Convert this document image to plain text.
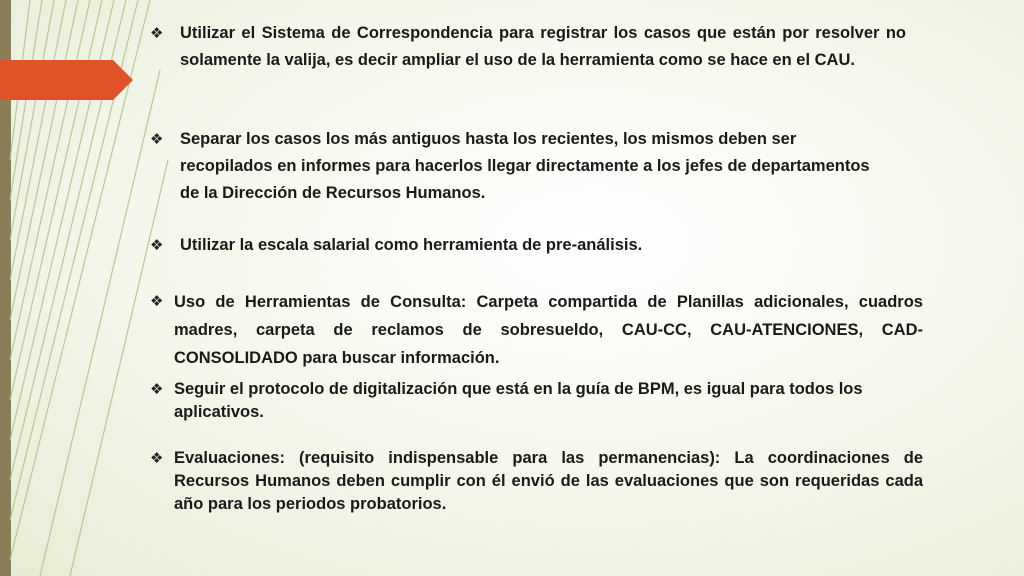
❖ Utilizar el Sistema de Correspondencia para registrar los casos que están por resolver no solamente la valija, es decir ampliar el uso de la herramienta como se hace en el CAU.
❖ Separar los casos los más antiguos hasta los recientes, los mismos deben ser recopilados en informes para hacerlos llegar directamente a los jefes de departamentos de la Dirección de Recursos Humanos.
❖ Utilizar la escala salarial como herramienta de pre-análisis.
❖ Uso de Herramientas de Consulta: Carpeta compartida de Planillas adicionales, cuadros madres, carpeta de reclamos de sobresueldo, CAU-CC, CAU-ATENCIONES, CAD-CONSOLIDADO para buscar información.
❖ Seguir el protocolo de digitalización que está en la guía de BPM, es igual para todos los aplicativos.
❖ Evaluaciones: (requisito indispensable para las permanencias): La coordinaciones de Recursos Humanos deben cumplir con él envió de las evaluaciones que son requeridas cada año para los periodos probatorios.
